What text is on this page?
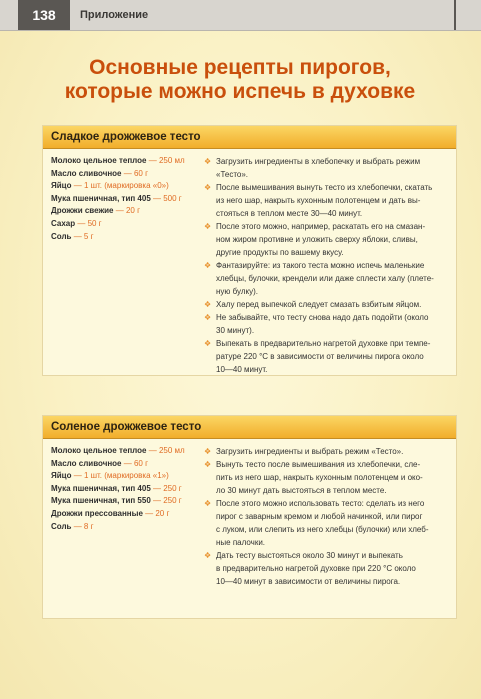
138	Приложение
Основные рецепты пирогов,
которые можно испечь в духовке
Сладкое дрожжевое тесто
Молоко цельное теплое — 250 мл
Масло сливочное — 60 г
Яйцо — 1 шт. (маркировка «0»)
Мука пшеничная, тип 405 — 500 г
Дрожжи свежие — 20 г
Сахар — 50 г
Соль — 5 г
❖ Загрузить ингредиенты в хлебопечку и выбрать режим
«Тесто».
❖ После вымешивания вынуть тесто из хлебопечки, скатать
из него шар, накрыть кухонным полотенцем и дать вы-
стояться в теплом месте 30—40 минут.
❖ После этого можно, например, раскатать его на смазан-
ном жиром противне и уложить сверху яблоки, сливы,
другие продукты по вашему вкусу.
❖ Фантазируйте: из такого теста можно испечь маленькие
хлебцы, булочки, крендели или даже сплести халу (плете-
ную булку).
❖ Халу перед выпечкой следует смазать взбитым яйцом.
❖ Не забывайте, что тесту снова надо дать подойти (около
30 минут).
❖ Выпекать в предварительно нагретой духовке при темпе-
ратуре 220 °С в зависимости от величины пирога около
10—40 минут.
Соленое дрожжевое тесто
Молоко цельное теплое — 250 мл
Масло сливочное — 60 г
Яйцо — 1 шт. (маркировка «1»)
Мука пшеничная, тип 405 — 250 г
Мука пшеничная, тип 550 — 250 г
Дрожжи прессованные — 20 г
Соль — 8 г
❖ Загрузить ингредиенты и выбрать режим «Тесто».
❖ Вынуть тесто после вымешивания из хлебопечки, сле-
пить из него шар, накрыть кухонным полотенцем и око-
ло 30 минут дать выстояться в теплом месте.
❖ После этого можно использовать тесто: сделать из него
пирог с заварным кремом и любой начинкой, или пирог
с луком, или слепить из него хлебцы (булочки) или хлеб-
ные палочки.
❖ Дать тесту выстояться около 30 минут и выпекать
в предварительно нагретой духовке при 220 °С около
10—40 минут в зависимости от величины пирога.
